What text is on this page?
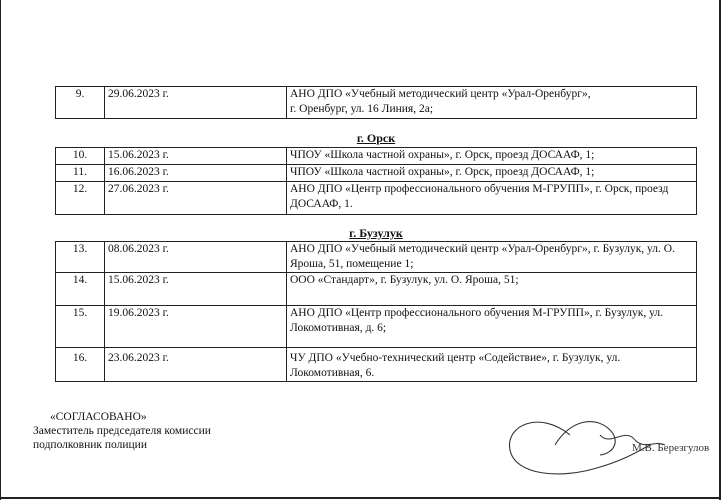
9.	29.06.2023 г.	АНО ДПО «Учебный методический центр «Урал-Оренбург»,
г. Оренбург, ул. 16 Линия, 2а;
г. Орск
10.	15.06.2023 г.	ЧПОУ «Школа частной охраны», г. Орск, проезд ДОСААФ, 1;
11.	16.06.2023 г.	ЧПОУ «Школа частной охраны», г. Орск, проезд ДОСААФ, 1;
12.	27.06.2023 г.	АНО ДПО «Центр профессионального обучения М-ГРУПП», г. Орск, проезд ДОСААФ, 1.
г. Бузулук
13.	08.06.2023 г.	АНО ДПО «Учебный методический центр «Урал-Оренбург», г. Бузулук, ул. О. Яроша, 51, помещение 1;
14.	15.06.2023 г.	ООО «Стандарт», г. Бузулук, ул. О. Яроша, 51;
15.	19.06.2023 г.	АНО ДПО «Центр профессионального обучения М-ГРУПП», г. Бузулук, ул. Локомотивная, д. 6;
16.	23.06.2023 г.	ЧУ ДПО «Учебно-технический центр «Содействие», г. Бузулук, ул. Локомотивная, 6.
«СОГЛАСОВАНО»
Заместитель председателя комиссии
подполковник полиции	М.В. Березгулов
